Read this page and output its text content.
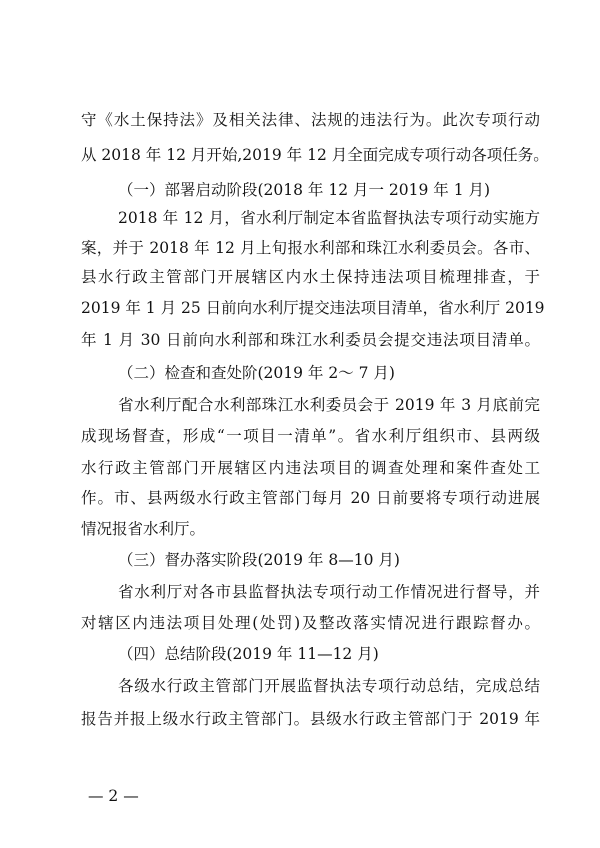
守《水土保持法》及相关法律、法规的违法行为。此次专项行动

从 2018 年 12 月开始,2019 年 12 月全面完成专项行动各项任务。

（一）部署启动阶段(2018 年 12 月一 2019 年 1 月)

2018 年 12 月，省水利厅制定本省监督执法专项行动实施方

案，并于 2018 年 12 月上旬报水利部和珠江水利委员会。各市、

县水行政主管部门开展辖区内水土保持违法项目梳理排查，于

2019 年 1 月 25 日前向水利厅提交违法项目清单，省水利厅 2019

年 1 月 30 日前向水利部和珠江水利委员会提交违法项目清单。

（二）检查和查处阶(2019 年 2～ 7 月)

省水利厅配合水利部珠江水利委员会于 2019 年 3 月底前完

成现场督查，形成“一项目一清单”。省水利厅组织市、县两级

水行政主管部门开展辖区内违法项目的调查处理和案件查处工

作。市、县两级水行政主管部门每月 20 日前要将专项行动进展

情况报省水利厅。

（三）督办落实阶段(2019 年 8—10 月)

省水利厅对各市县监督执法专项行动工作情况进行督导，并

对辖区内违法项目处理(处罚)及整改落实情况进行跟踪督办。

（四）总结阶段(2019 年 11—12 月)

各级水行政主管部门开展监督执法专项行动总结，完成总结

报告并报上级水行政主管部门。县级水行政主管部门于 2019 年

— 2 —
